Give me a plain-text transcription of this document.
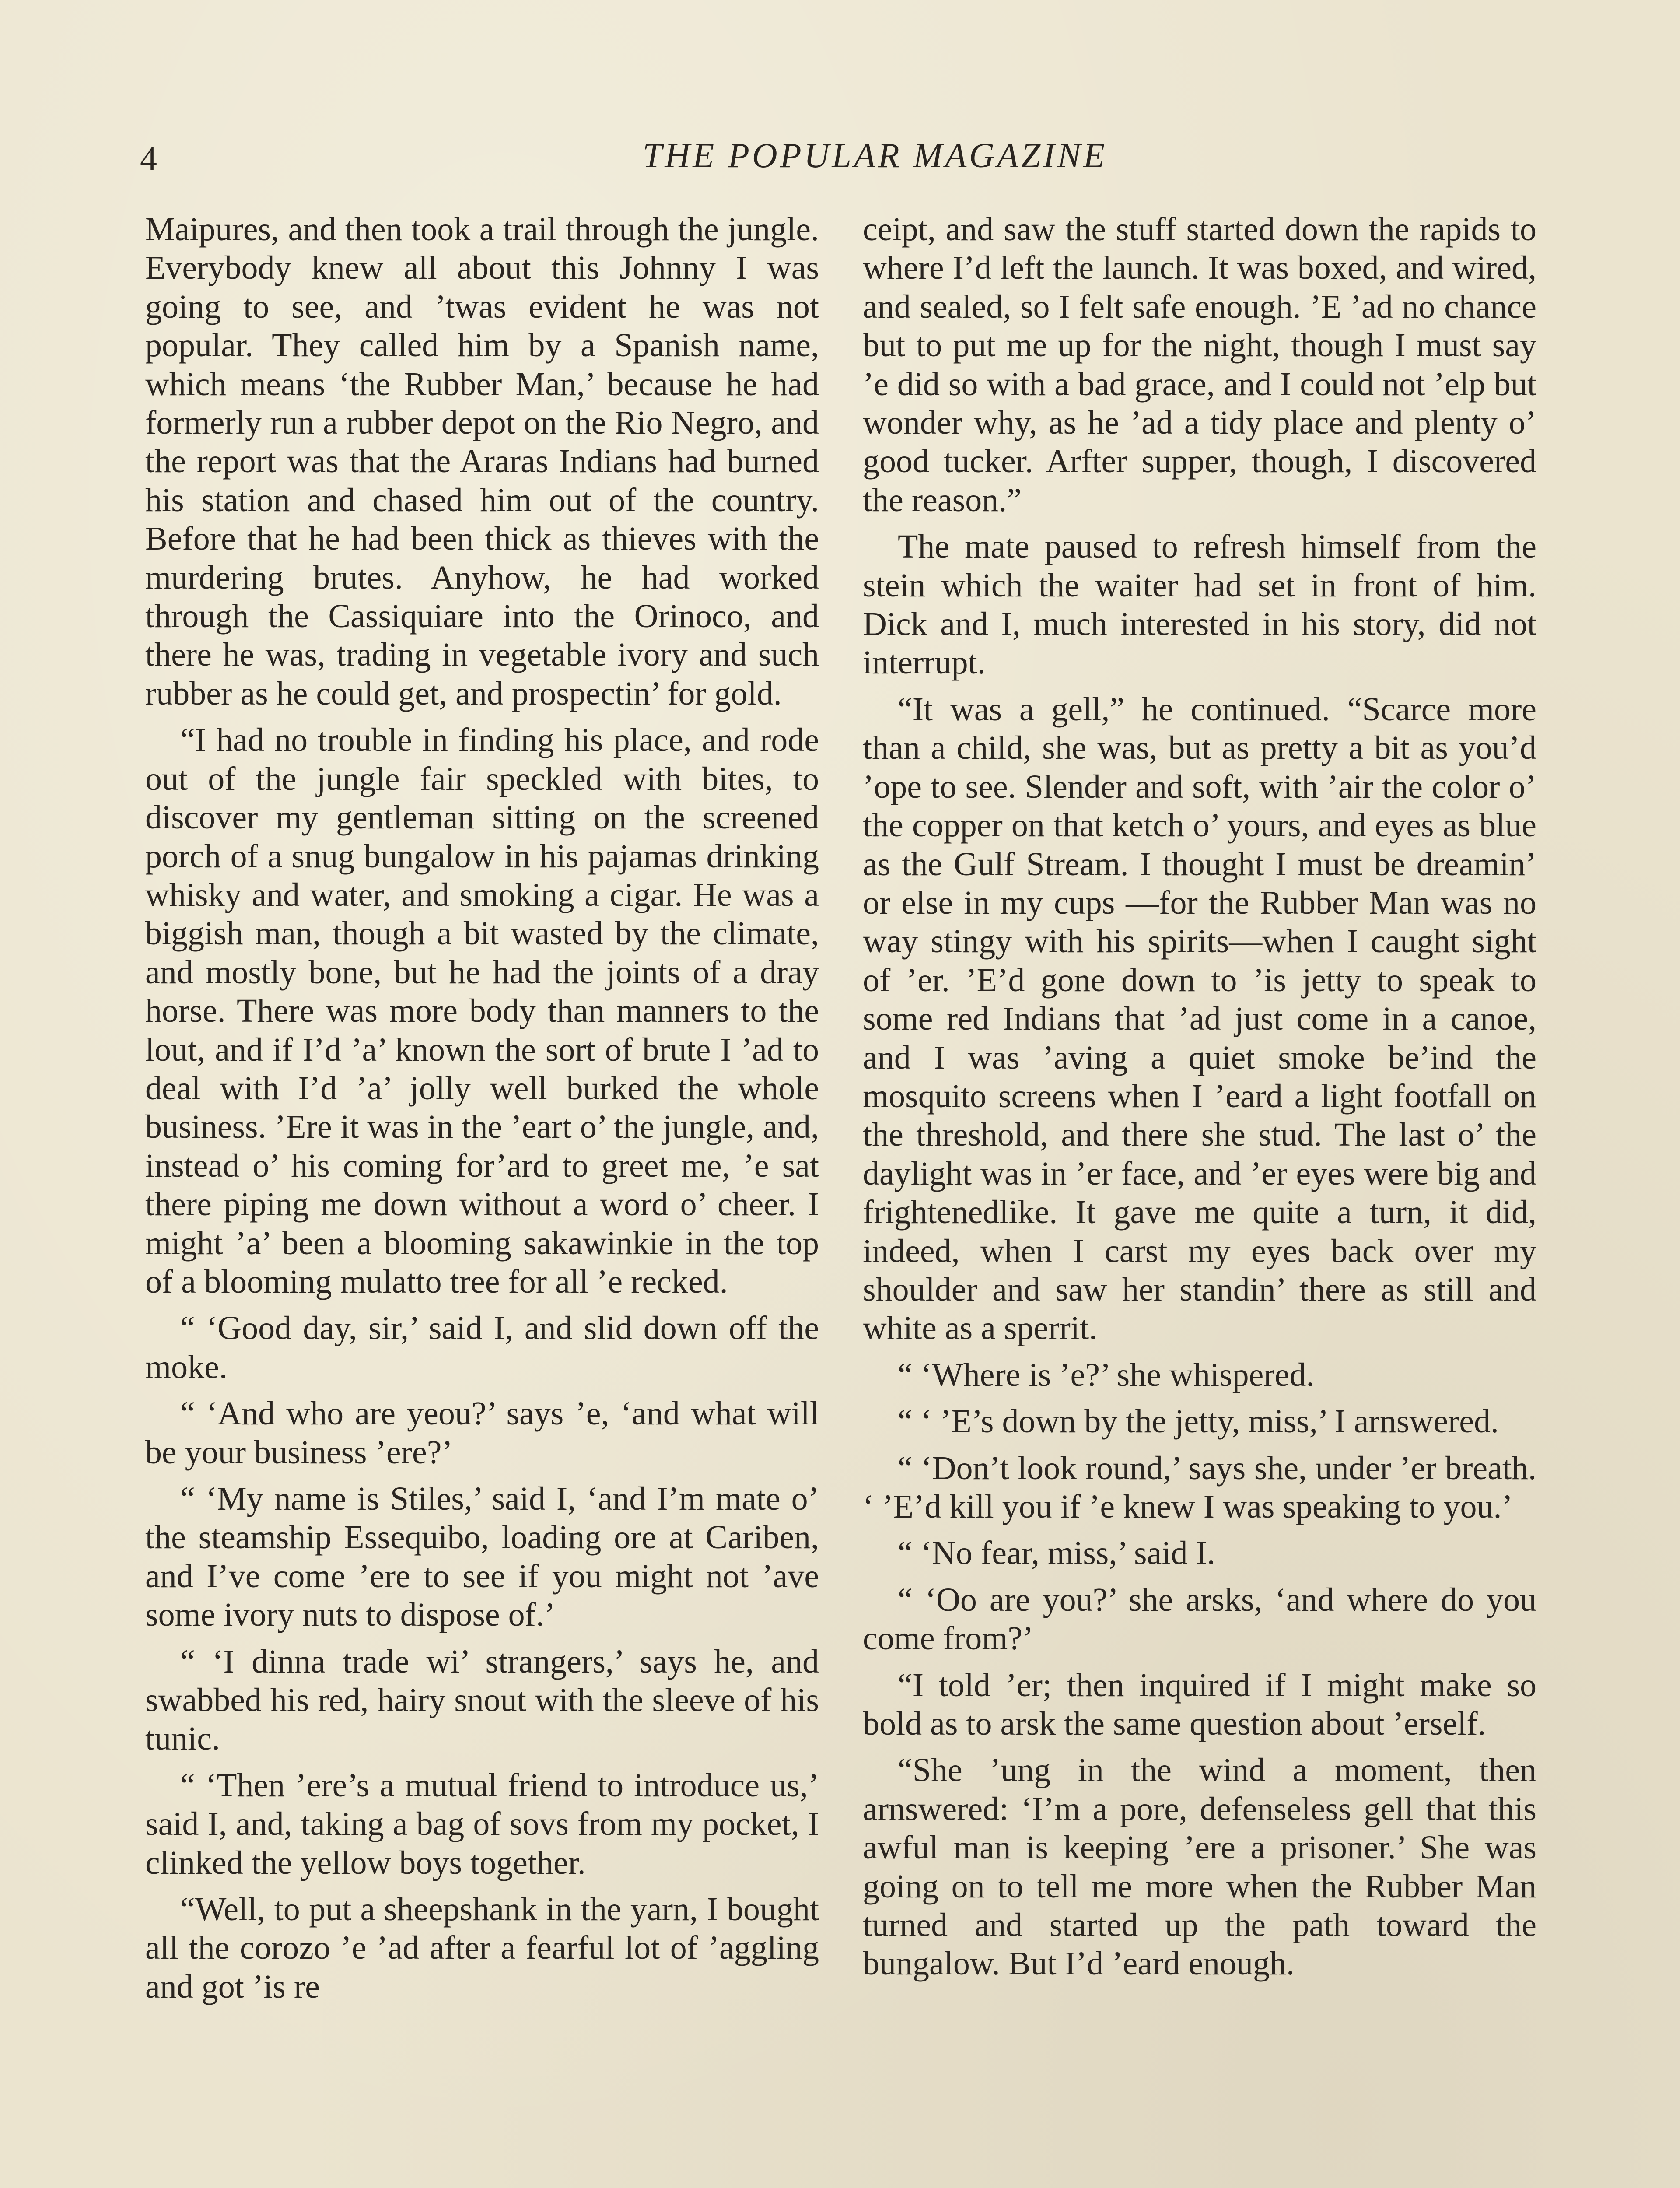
4	THE POPULAR MAGAZINE

Maipures, and then took a trail through the jungle. Everybody knew all about this Johnny I was going to see, and ’twas evident he was not popular. They called him by a Spanish name, which means ‘the Rubber Man,’ because he had formerly run a rubber depot on the Rio Negro, and the report was that the Araras Indians had burned his station and chased him out of the country. Before that he had been thick as thieves with the murdering brutes. Anyhow, he had worked through the Cassiquiare into the Orinoco, and there he was, trading in vegetable ivory and such rubber as he could get, and prospectin’ for gold.

“I had no trouble in finding his place, and rode out of the jungle fair speckled with bites, to discover my gentleman sitting on the screened porch of a snug bungalow in his pajamas drinking whisky and water, and smoking a cigar. He was a biggish man, though a bit wasted by the climate, and mostly bone, but he had the joints of a dray horse. There was more body than manners to the lout, and if I’d ’a’ known the sort of brute I ’ad to deal with I’d ’a’ jolly well burked the whole business. ’Ere it was in the ’eart o’ the jungle, and, instead o’ his coming for’ard to greet me, ’e sat there piping me down without a word o’ cheer. I might ’a’ been a blooming sakawinkie in the top of a blooming mulatto tree for all ’e recked.

“ ‘Good day, sir,’ said I, and slid down off the moke.

“ ‘And who are yeou?’ says ’e, ‘and what will be your business ’ere?’

“ ‘My name is Stiles,’ said I, ‘and I’m mate o’ the steamship Essequibo, loading ore at Cariben, and I’ve come ’ere to see if you might not ’ave some ivory nuts to dispose of.’

“ ‘I dinna trade wi’ strangers,’ says he, and swabbed his red, hairy snout with the sleeve of his tunic.

“ ‘Then ’ere’s a mutual friend to introduce us,’ said I, and, taking a bag of sovs from my pocket, I clinked the yellow boys together.

“Well, to put a sheepshank in the yarn, I bought all the corozo ’e ’ad after a fearful lot of ’aggling and got ’is re

ceipt, and saw the stuff started down the rapids to where I’d left the launch. It was boxed, and wired, and sealed, so I felt safe enough. ’E ’ad no chance but to put me up for the night, though I must say ’e did so with a bad grace, and I could not ’elp but wonder why, as he ’ad a tidy place and plenty o’ good tucker. Arfter supper, though, I discovered the reason.”

The mate paused to refresh himself from the stein which the waiter had set in front of him. Dick and I, much interested in his story, did not interrupt.

“It was a gell,” he continued. “Scarce more than a child, she was, but as pretty a bit as you’d ’ope to see. Slender and soft, with ’air the color o’ the copper on that ketch o’ yours, and eyes as blue as the Gulf Stream. I thought I must be dreamin’ or else in my cups —for the Rubber Man was no way stingy with his spirits—when I caught sight of ’er. ’E’d gone down to ’is jetty to speak to some red Indians that ’ad just come in a canoe, and I was ’aving a quiet smoke be’ind the mosquito screens when I ’eard a light footfall on the threshold, and there she stud. The last o’ the daylight was in ’er face, and ’er eyes were big and frightenedlike. It gave me quite a turn, it did, indeed, when I carst my eyes back over my shoulder and saw her standin’ there as still and white as a sperrit.

“ ‘Where is ’e?’ she whispered.

“ ‘ ’E’s down by the jetty, miss,’ I arnswered.

“ ‘Don’t look round,’ says she, under ’er breath. ‘ ’E’d kill you if ’e knew I was speaking to you.’

“ ‘No fear, miss,’ said I.

“ ‘Oo are you?’ she arsks, ‘and where do you come from?’

“I told ’er; then inquired if I might make so bold as to arsk the same question about ’erself.

“She ’ung in the wind a moment, then arnswered: ‘I’m a pore, defenseless gell that this awful man is keeping ’ere a prisoner.’ She was going on to tell me more when the Rubber Man turned and started up the path toward the bungalow. But I’d ’eard enough.
